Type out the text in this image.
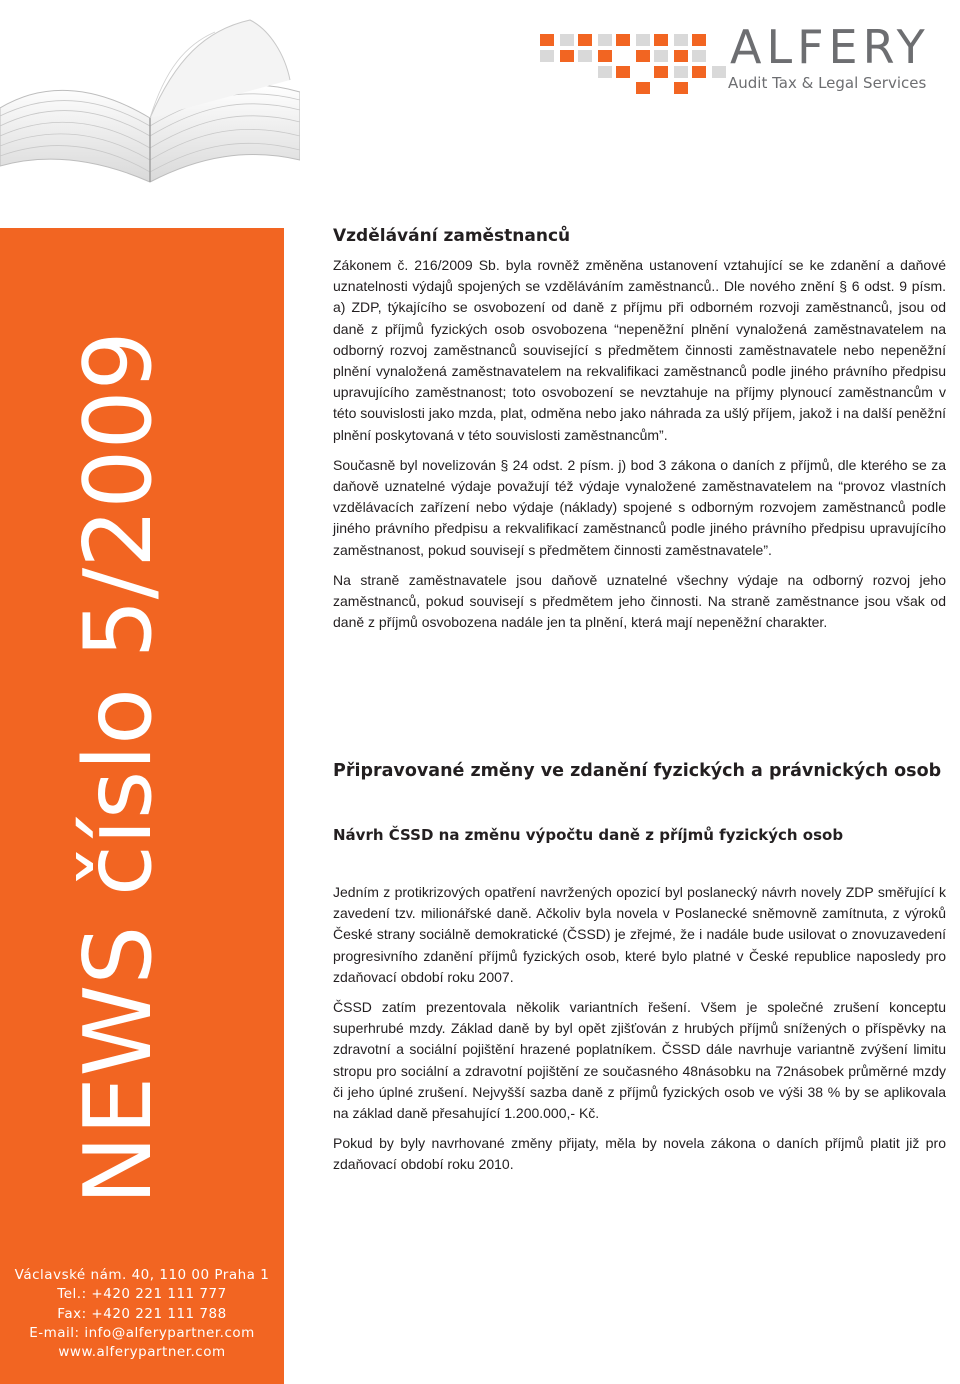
ALFERY
Audit Tax & Legal Services
NEWS číslo 5/2009
Václavské nám. 40, 110 00 Praha 1
Tel.: +420 221 111 777
Fax: +420 221 111 788
E-mail: info@alferypartner.com
www.alferypartner.com
Vzdělávání zaměstnanců

Zákonem č. 216/2009 Sb. byla rovněž změněna ustanovení vztahující se ke zdanění a daňové uznatelnosti výdajů spojených se vzděláváním zaměstnanců.. Dle nového znění § 6 odst. 9 písm. a) ZDP, týkajícího se osvobození od daně z příjmu při odborném rozvoji zaměstnanců, jsou od daně z příjmů fyzických osob osvobozena “nepeněžní plnění vynaložená zaměstnavatelem na odborný rozvoj zaměstnanců související s předmětem činnosti zaměstnavatele nebo nepeněžní plnění vynaložená zaměstnavatelem na rekvalifikaci zaměstnanců podle jiného právního předpisu upravujícího zaměstnanost; toto osvobození se nevztahuje na příjmy plynoucí zaměstnancům v této souvislosti jako mzda, plat, odměna nebo jako náhrada za ušlý příjem, jakož i na další peněžní plnění poskytovaná v této souvislosti zaměstnancům”.

Současně byl novelizován § 24 odst. 2 písm. j) bod 3 zákona o daních z příjmů, dle kterého se za daňově uznatelné výdaje považují též výdaje vynaložené zaměstnavatelem na “provoz vlastních vzdělávacích zařízení nebo výdaje (náklady) spojené s odborným rozvojem zaměstnanců podle jiného právního předpisu a rekvalifikací zaměstnanců podle jiného právního předpisu upravujícího zaměstnanost, pokud souvisejí s předmětem činnosti zaměstnavatele”.

Na straně zaměstnavatele jsou daňově uznatelné všechny výdaje na odborný rozvoj jeho zaměstnanců, pokud souvisejí s předmětem jeho činnosti. Na straně zaměstnance jsou však od daně z příjmů osvobozena nadále jen ta plnění, která mají nepeněžní charakter.

Připravované změny ve zdanění fyzických a právnických osob
Návrh ČSSD na změnu výpočtu daně z příjmů fyzických osob

Jedním z protikrizových opatření navržených opozicí byl poslanecký návrh novely ZDP směřující k zavedení tzv. milionářské daně. Ačkoliv byla novela v Poslanecké sněmovně zamítnuta, z výroků České strany sociálně demokratické (ČSSD) je zřejmé, že i nadále bude usilovat o znovuzavedení progresivního zdanění příjmů fyzických osob, které bylo platné v České republice naposledy pro zdaňovací období roku 2007.

ČSSD zatím prezentovala několik variantních řešení. Všem je společné zrušení konceptu superhrubé mzdy. Základ daně by byl opět zjišťován z hrubých příjmů snížených o příspěvky na zdravotní a sociální pojištění hrazené poplatníkem. ČSSD dále navrhuje variantně zvýšení limitu stropu pro sociální a zdravotní pojištění ze současného 48násobku na 72násobek průměrné mzdy či jeho úplné zrušení. Nejvyšší sazba daně z příjmů fyzických osob ve výši 38 % by se aplikovala na základ daně přesahující 1.200.000,- Kč.

Pokud by byly navrhované změny přijaty, měla by novela zákona o daních příjmů platit již pro zdaňovací období roku 2010.
